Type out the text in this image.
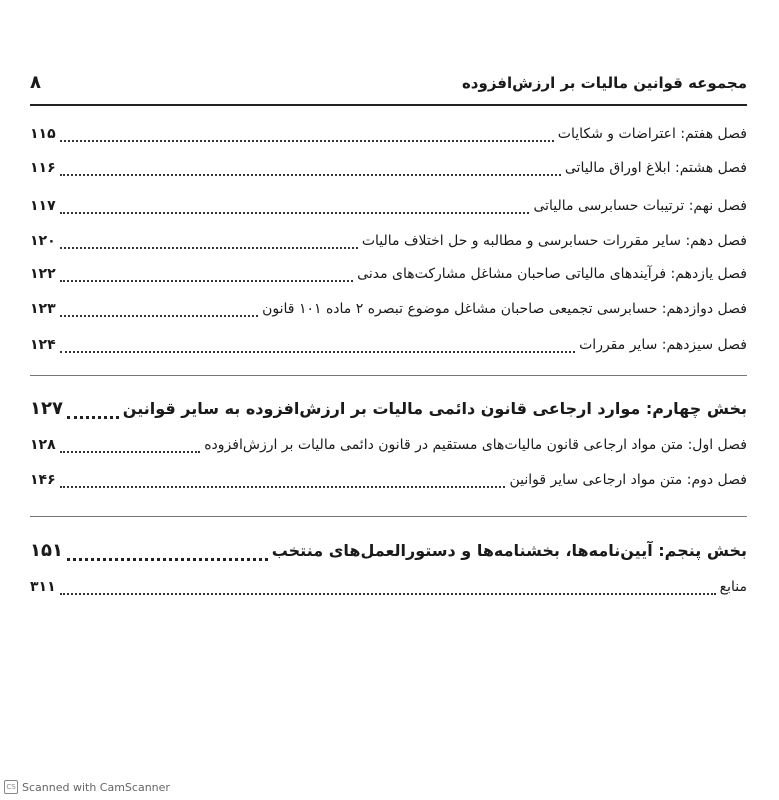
مجموعه قوانین مالیات بر ارزش‌افزوده
۸
فصل هفتم: اعتراضات و شکایات
۱۱۵
فصل هشتم: ابلاغ اوراق مالیاتی
۱۱۶
فصل نهم: ترتیبات حسابرسی مالیاتی
۱۱۷
فصل دهم: سایر مقررات حسابرسی و مطالبه و حل اختلاف مالیات
۱۲۰
فصل یازدهم: فرآیندهای مالیاتی صاحبان مشاغل مشارکت‌های مدنی
۱۲۲
فصل دوازدهم: حسابرسی تجمیعی صاحبان مشاغل موضوع تبصره ۲ ماده ۱۰۱ قانون
۱۲۳
فصل سیزدهم: سایر مقررات
۱۲۴
بخش چهارم: موارد ارجاعی قانون دائمی مالیات بر ارزش‌افزوده به سایر قوانین
۱۲۷
فصل اول: متن مواد ارجاعی قانون مالیات‌های مستقیم در قانون دائمی مالیات بر ارزش‌افزوده
۱۲۸
فصل دوم: متن مواد ارجاعی سایر قوانین
۱۴۶
بخش پنجم: آیین‌نامه‌ها، بخشنامه‌ها و دستورالعمل‌های منتخب
۱۵۱
منابع
۳۱۱
CS Scanned with CamScanner
